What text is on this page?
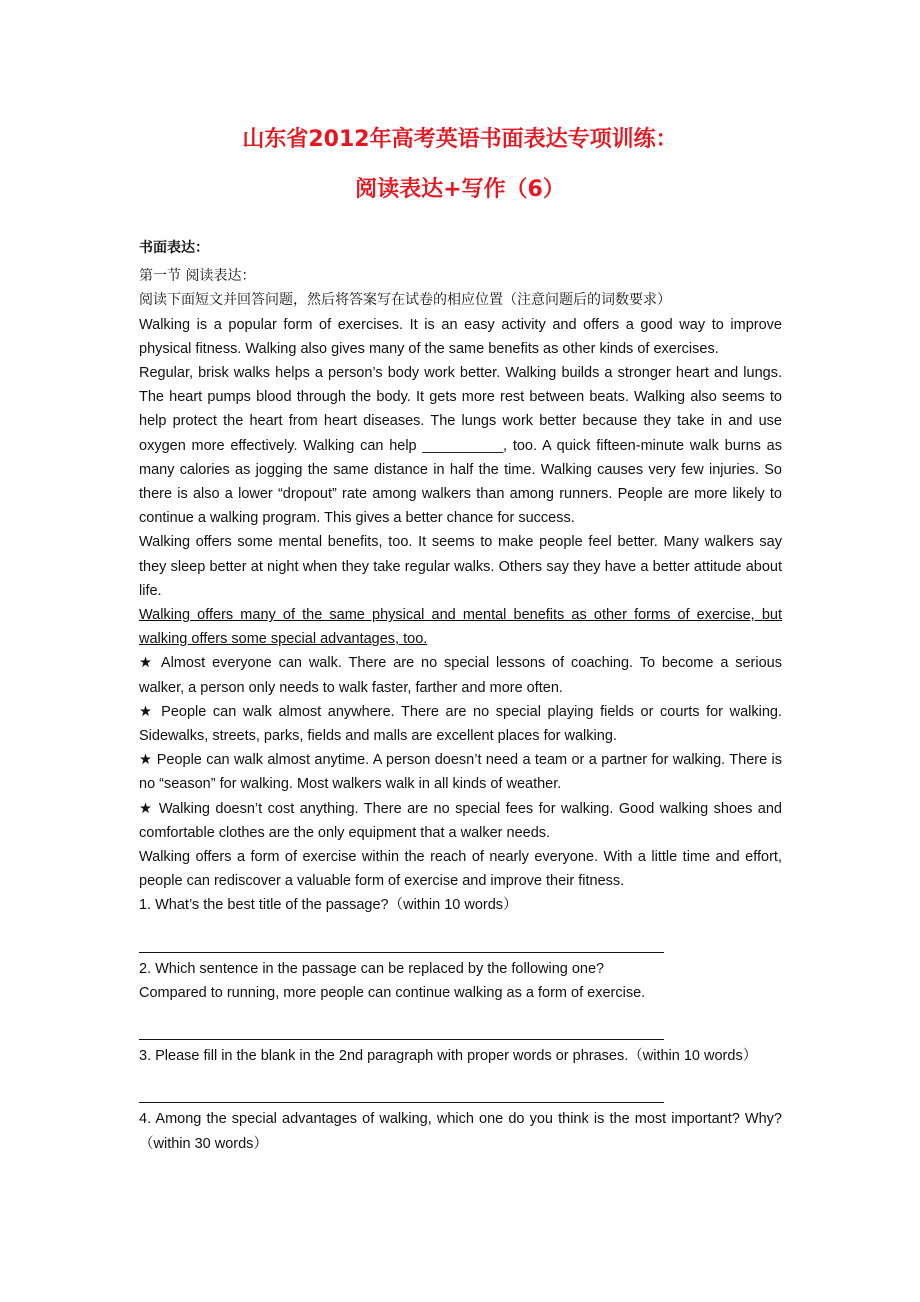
山东省2012年高考英语书面表达专项训练：
阅读表达+写作（6）

书面表达：

第一节 阅读表达：

阅读下面短文并回答问题，然后将答案写在试卷的相应位置（注意问题后的词数要求）

Walking is a popular form of exercises. It is an easy activity and offers a good way to improve physical fitness. Walking also gives many of the same benefits as other kinds of exercises.

Regular, brisk walks helps a person’s body work better. Walking builds a stronger heart and lungs. The heart pumps blood through the body. It gets more rest between beats. Walking also seems to help protect the heart from heart diseases. The lungs work better because they take in and use oxygen more effectively. Walking can help __________, too. A quick fifteen-minute walk burns as many calories as jogging the same distance in half the time. Walking causes very few injuries. So there is also a lower “dropout” rate among walkers than among runners. People are more likely to continue a walking program. This gives a better chance for success.

Walking offers some mental benefits, too. It seems to make people feel better. Many walkers say they sleep better at night when they take regular walks. Others say they have a better attitude about life.

Walking offers many of the same physical and mental benefits as other forms of exercise, but walking offers some special advantages, too.

★ Almost everyone can walk. There are no special lessons of coaching. To become a serious walker, a person only needs to walk faster, farther and more often.

★ People can walk almost anywhere. There are no special playing fields or courts for walking. Sidewalks, streets, parks, fields and malls are excellent places for walking.

★ People can walk almost anytime. A person doesn’t need a team or a partner for walking. There is no “season” for walking. Most walkers walk in all kinds of weather.

★ Walking doesn’t cost anything. There are no special fees for walking. Good walking shoes and comfortable clothes are the only equipment that a walker needs.

Walking offers a form of exercise within the reach of nearly everyone. With a little time and effort, people can rediscover a valuable form of exercise and improve their fitness.

1. What’s the best title of the passage?（within 10 words）

2. Which sentence in the passage can be replaced by the following one?

Compared to running, more people can continue walking as a form of exercise.

3. Please fill in the blank in the 2nd paragraph with proper words or phrases.（within 10 words）

4. Among the special advantages of walking, which one do you think is the most important? Why?（within 30 words）
